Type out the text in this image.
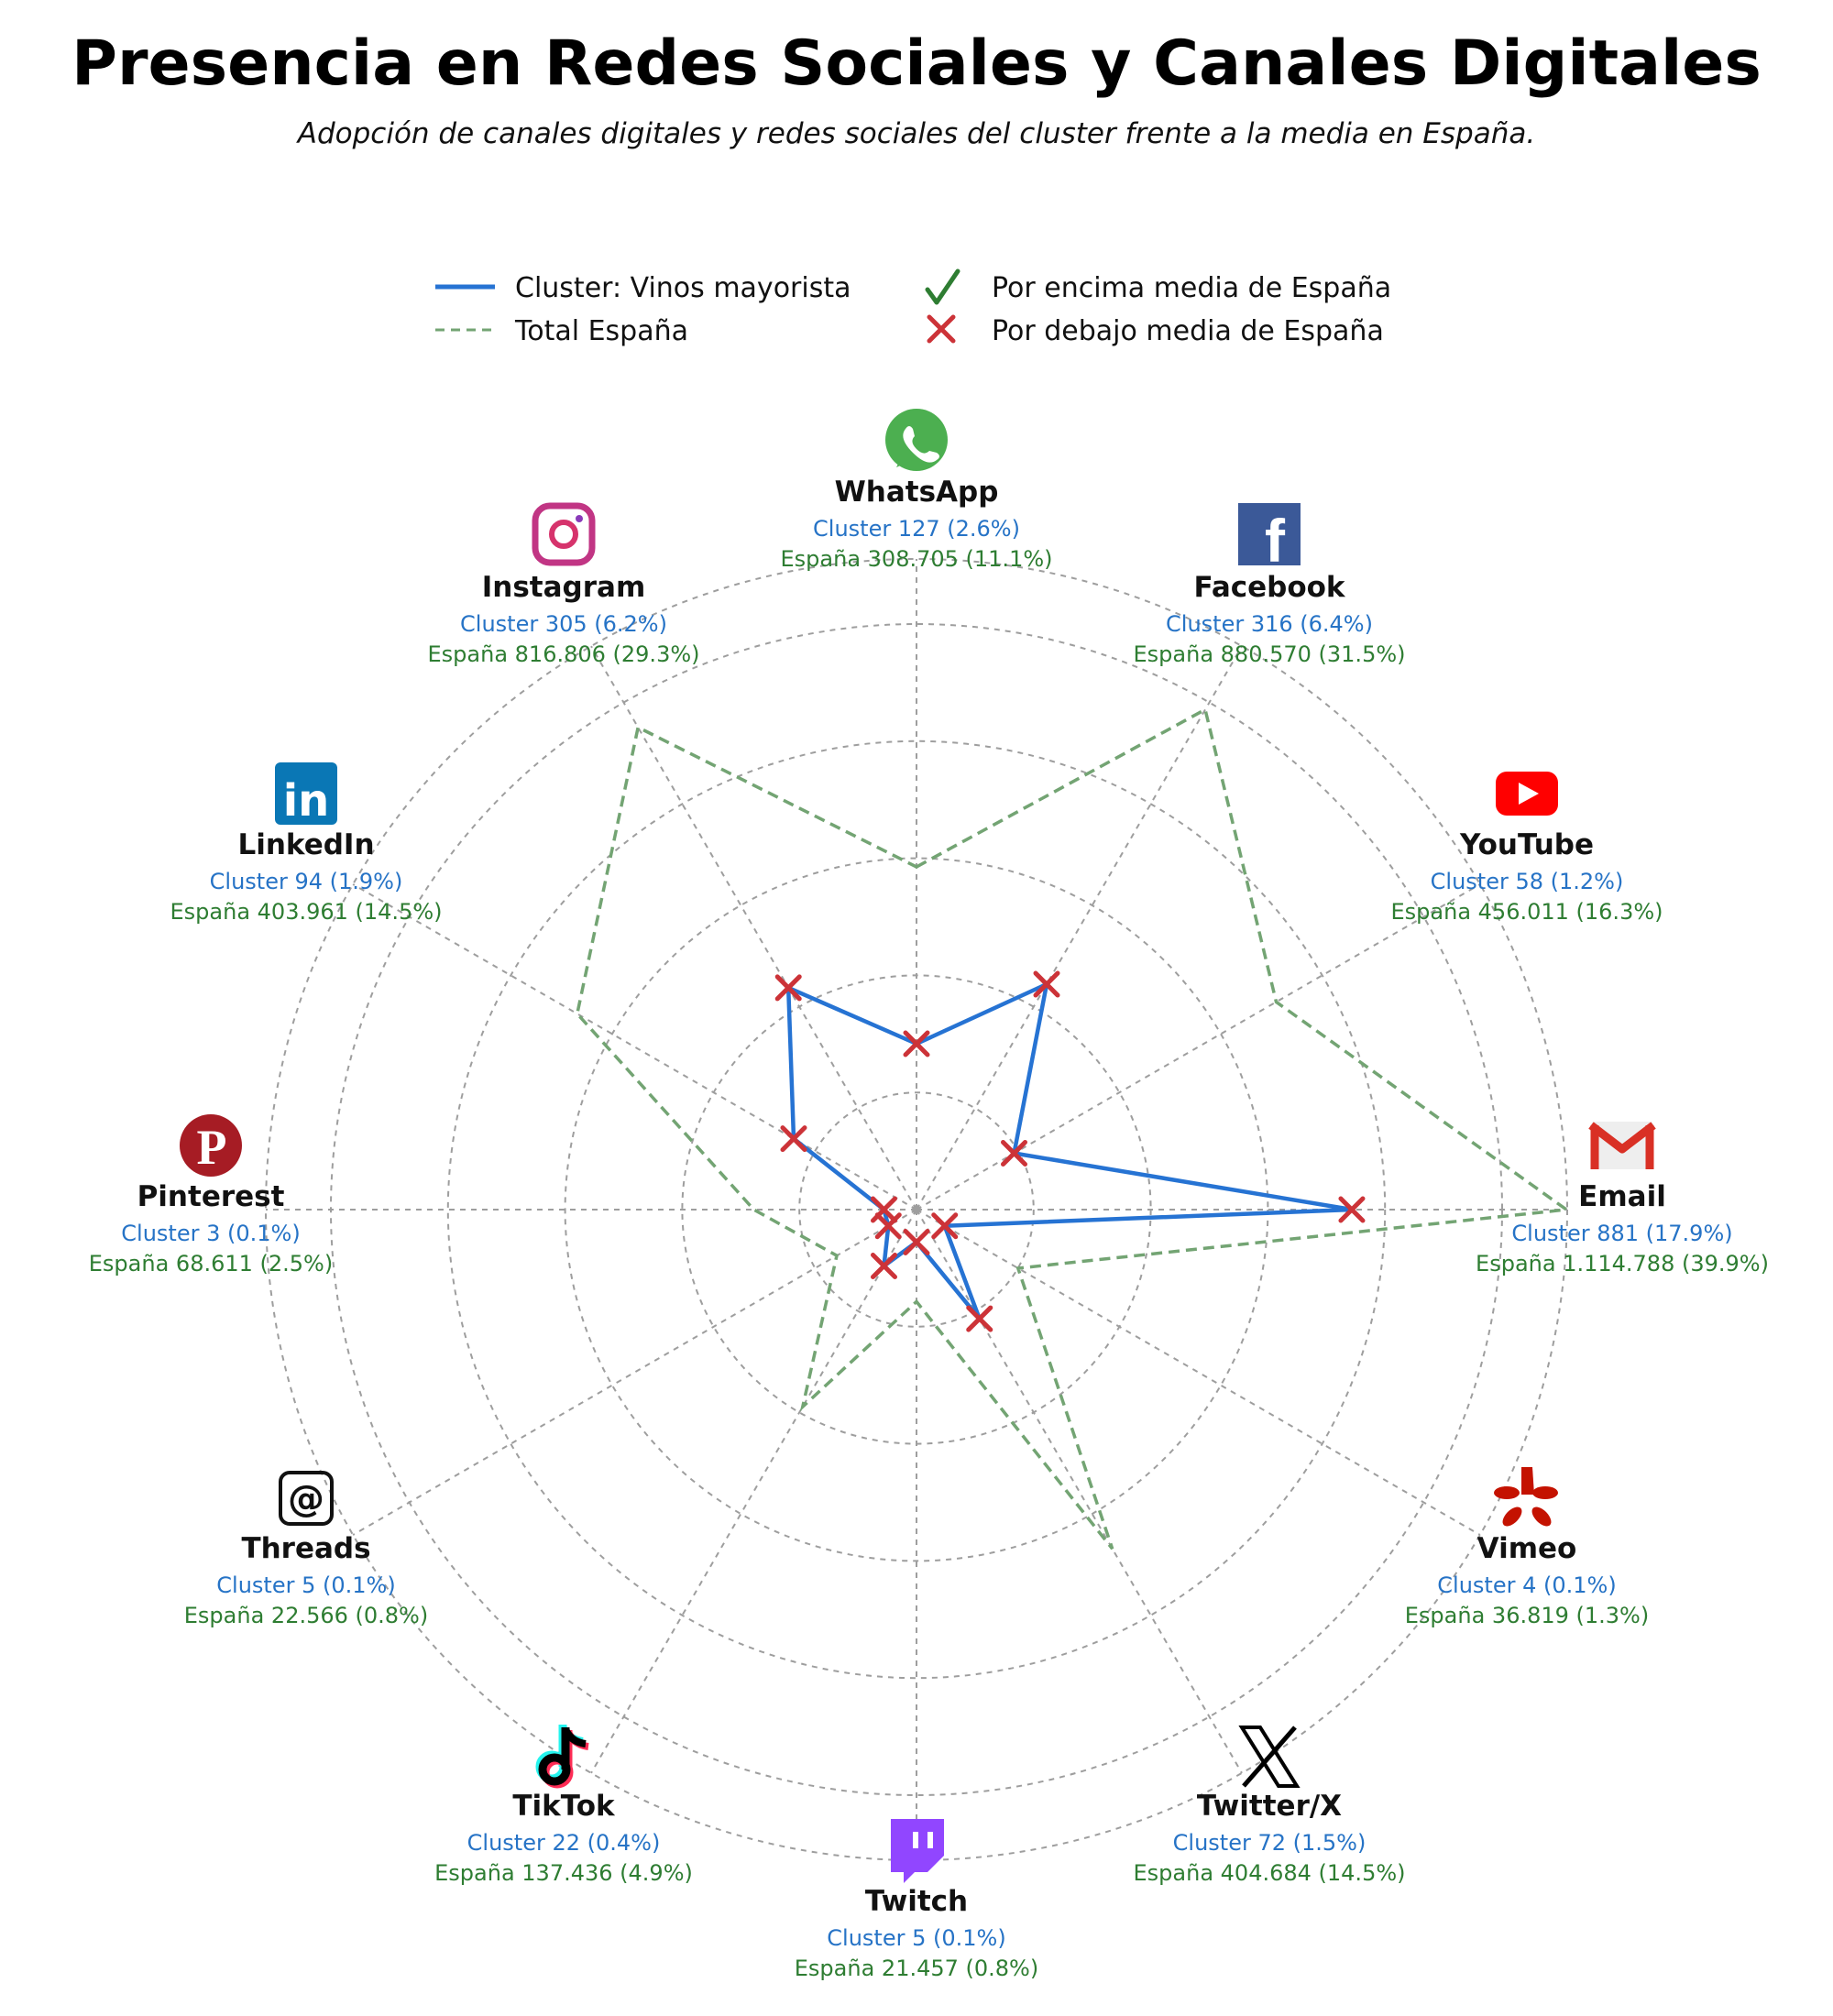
Presencia en Redes Sociales y Canales Digitales
Adopción de canales digitales y redes sociales del cluster frente a la media en España.
Cluster: Vinos mayorista
Total España
Por encima media de España
Por debajo media de España
WhatsApp
Cluster 127 (2.6%)
España 308.705 (11.1%)	f
Facebook
Cluster 316 (6.4%)
España 880.570 (31.5%)
YouTube
Cluster 58 (1.2%)
España 456.011 (16.3%)
Email
Cluster 881 (17.9%)
España 1.114.788 (39.9%)
Vimeo
Cluster 4 (0.1%)
España 36.819 (1.3%)
Twitter/X
Cluster 72 (1.5%)
España 404.684 (14.5%)
Twitch
Cluster 5 (0.1%)
España 21.457 (0.8%)
TikTok
Cluster 22 (0.4%)
España 137.436 (4.9%)
@
Threads
Cluster 5 (0.1%)
España 22.566 (0.8%)
P
Pinterest
Cluster 3 (0.1%)
España 68.611 (2.5%)
in
LinkedIn
Cluster 94 (1.9%)
España 403.961 (14.5%)
Instagram
Cluster 305 (6.2%)
España 816.806 (29.3%)
